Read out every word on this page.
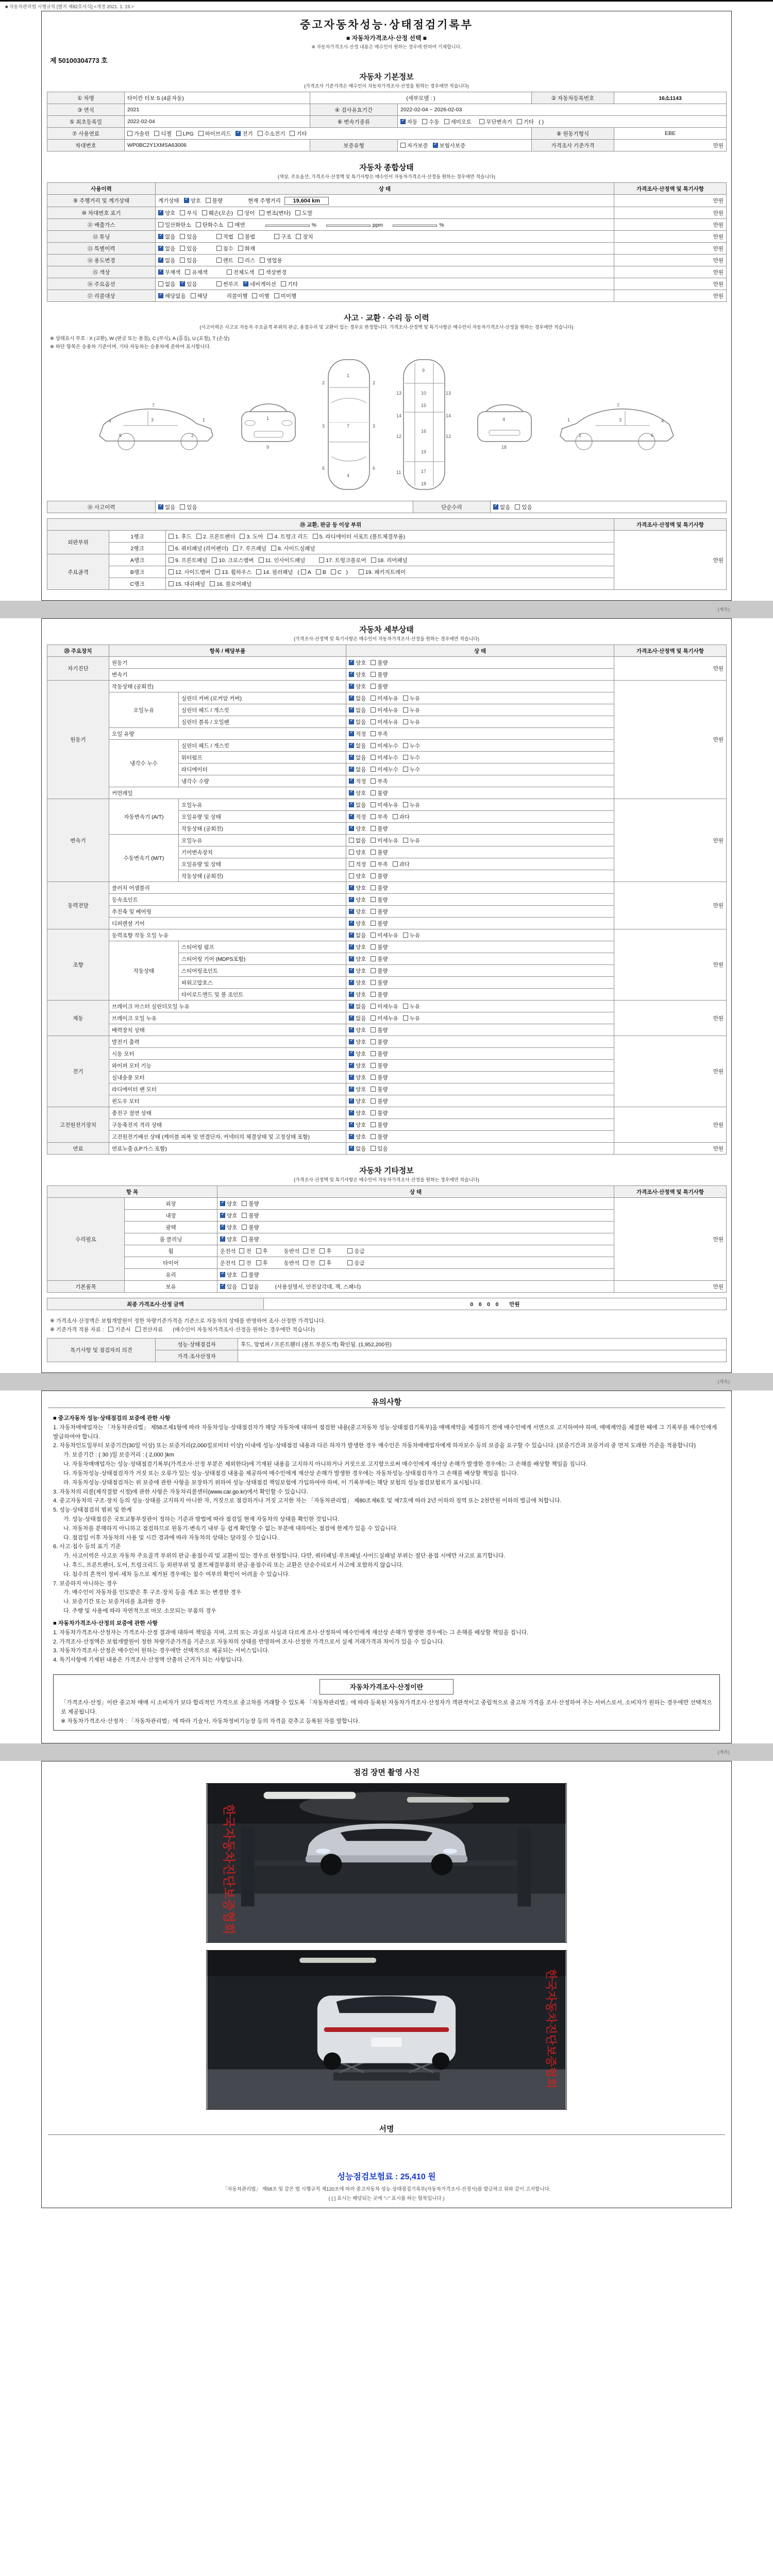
■ 자동차관리법 시행규칙 [별지 제82호서식] <개정 2021. 1. 19.>
중고자동차성능·상태점검기록부
■ 자동차가격조사·산정 선택 ■
※ 자동차가격조사·산정 내용은 매수인이 원하는 경우에 한하여 기재합니다.
제 50100304773 호
자동차 기본정보
(가격조사 기준가격은 매수인이 자동차가격조사·산정을 원하는 경우에만 적습니다)
① 차명	타이칸 터보 S (4륜자동)	(세부모델 : )		② 자동차등록번호	16소1143
③ 연식	2021	④ 검사유효기간	2022-02-04 ~ 2026-02-03		
⑤ 최초등록일	2022-02-04	⑥ 변속기종류	✓자동 수동 세미오토 무단변속기 기타 ( )
⑦ 사용연료	가솔린 디젤 LPG 하이브리드 ✓ 전기 수소전기 기타			⑧ 원동기형식	EBE
차대번호	WP0BC2Y1XMSA63006	보증유형	자가보증 ✓ 보험사보증	가격조사 기준가격	만원
자동차 종합상태
(색상, 주요옵션, 가격조사·산정액 및 특기사항은 매수인이 자동차가격조사·산정을 원하는 경우에만 적습니다)
사용이력	상 태	가격조사·산정액 및 특기사항
⑨ 주행거리 및 계기상태	계기상태 ✓ 양호 불량 현재 주행거리 19,604 km	만원
⑩ 차대번호 표기	✓양호 부식 훼손(오손) 상이 변조(변타) 도말	만원
⑪ 배출가스	일산화탄소 탄화수소 매연 % ppm %	만원
⑫ 튜닝	✓없음 있음 적법 불법 구조 장치	만원
⑬ 특별이력	✓없음 있음 침수 화재	만원
⑭ 용도변경	✓없음 있음 렌트 리스 영업용	만원
⑮ 색상	✓무채색 유채색 전체도색 색상변경	만원
⑯ 주요옵션	없음 ✓ 있음 썬루프 ✓ 네비게이션 기타	만원
⑰ 리콜대상	✓해당없음 해당 리콜이행 이행 미이행	만원
사고 · 교환 · 수리 등 이력
(사고이력은 사고로 자동차 주요골격 부위의 판금, 용접수리 및 교환이 있는 경우로 한정합니다. 가격조사·산정액 및 특기사항은 매수인이 자동차가격조사·산정을 원하는 경우에만 적습니다)
※ 상태표시 부호 : X (교환), W (판금 또는 용접), C (부식), A (흠집), U (요철), T (손상)
※ 하단 항목은 승용차 기준이며, 기타 자동차는 승용차에 준하여 표시합니다.
1
3
4
7
2
6
1
9
1
7
4
2	2
3	3
6	6
9
10
15
16
17
18
13	13
12	12
14	14
19
11
4
18
1	3	4
7
2	6
⑱ 사고이력	✓없음 있음	단순수리	✓없음 있음
⑲ 교환, 판금 등 이상 부위			가격조사·산정액 및 특기사항
외판부위	1랭크	1. 후드 2. 프론트펜더 3. 도어 4. 트렁크 리드 5. 라디에이터 서포트 (볼트체결부품)	만원
	2랭크	6. 쿼터패널 (리어펜더) 7. 루프패널 8. 사이드실패널	
주요골격	A랭크	9. 프론트패널 10. 크로스멤버 11. 인사이드패널 17. 트렁크플로어 18. 리어패널	
	B랭크	12. 사이드멤버 13. 휠하우스 14. 필러패널 ( A B C ) 19. 패키지트레이	
	C랭크	15. 대쉬패널 16. 플로어패널	
(계속)
자동차 세부상태
(가격조사·산정액 및 특기사항은 매수인이 자동차가격조사·산정을 원하는 경우에만 적습니다)
⑳ 주요장치	항목 / 해당부품		상 태	가격조사·산정액 및 특기사항
자기진단	원동기	✓양호 불량	만원
	변속기	✓양호 불량
원동기	작동상태 (공회전)	✓양호 불량	만원
	오일누유	실린더 커버 (로커암 커버)	✓없음 미세누유 누유
		실린더 헤드 / 개스킷	✓없음 미세누유 누유
		실린더 블록 / 오일팬	✓없음 미세누유 누유
	오일 유량	✓적정 부족
	냉각수 누수	실린더 헤드 / 개스킷	✓없음 미세누수 누수
		워터펌프	✓없음 미세누수 누수
		라디에이터	✓없음 미세누수 누수
		냉각수 수량	✓적정 부족
	커먼레일	✓양호 불량
변속기	자동변속기 (A/T)	오일누유	✓없음 미세누유 누유	만원
		오일유량 및 상태	✓적정 부족 과다
		작동상태 (공회전)	✓양호 불량
	수동변속기 (M/T)	오일누유	없음 미세누유 누유	
		기어변속장치	양호 불량	
		오일유량 및 상태	적정 부족 과다	
		작동상태 (공회전)	양호 불량	
동력전달	클러치 어셈블리	✓양호 불량	만원
	등속조인트	✓양호 불량
	추진축 및 베어링	✓양호 불량
	디퍼렌셜 기어	✓양호 불량
조향	동력조향 작동 오일 누유	✓없음 미세누유 누유	만원
	작동상태	스티어링 펌프	✓양호 불량
		스티어링 기어 (MDPS포함)	✓양호 불량
		스티어링조인트	✓양호 불량
		파워고압호스	✓양호 불량
		타이로드엔드 및 볼 조인트	✓양호 불량
제동	브레이크 마스터 실린더오일 누유	✓없음 미세누유 누유	만원
	브레이크 오일 누유	✓없음 미세누유 누유
	배력장치 상태	✓양호 불량
전기	발전기 출력	✓양호 불량	만원
	시동 모터	✓양호 불량
	와이퍼 모터 기능	✓양호 불량
	실내송풍 모터	✓양호 불량
	라디에이터 팬 모터	✓양호 불량
	윈도우 모터	✓양호 불량
고전원전기장치	충전구 절연 상태	✓양호 불량	만원
	구동축전지 격리 상태	✓양호 불량
	고전원전기배선 상태 (케이블 피복 및 연결단자, 커넥터의 체결상태 및 고정상태 포함)	✓양호 불량
연료	연료누출 (LP가스 포함)	✓없음 있음	만원
자동차 기타정보
(가격조사·산정액 및 특기사항은 매수인이 자동차가격조사·산정을 원하는 경우에만 적습니다)
항 목		상 태	가격조사·산정액 및 특기사항
수리필요	외장	✓양호 불량	만원
	내장	✓양호 불량
	광택	✓양호 불량
	룸 클리닝	✓양호 불량
	휠	운전석 전 후 동반석 전 후 응급	
	타이어	운전석 전 후 동반석 전 후 응급	
	유리	✓양호 불량
기본품목	보유	✓있음 없음 (사용설명서, 안전삼각대, 잭, 스패너)	만원
최종 가격조사·산정 금액	0　0　0　0　　만원
※ 가격조사·산정액은 보험개발원이 정한 차량기준가격을 기준으로 자동차의 상태를 반영하여 조사·산정한 가격입니다.
※ 기준가격 적용 자료 : 기준서 전산자료 (매수인이 자동차가격조사·산정을 원하는 경우에만 적습니다)
특기사항 및 점검자의 의견	성능·상태점검자	후드, 앞범퍼 / 프론트휀더 (볼트 부분도색) 확인됨. (1,952,200원)
	가격·조사산정자	
(계속)
유의사항
■ 중고자동차 성능·상태점검의 보증에 관한 사항
1. 자동차매매업자는 「자동차관리법」 제58조제1항에 따라 자동차성능·상태점검자가 해당 자동차에 대하여 점검한 내용(중고자동차 성능·상태점검기록부)을 매매계약을 체결하기 전에 매수인에게 서면으로 고지하여야 하며, 매매계약을 체결한 때에 그 기록부를 매수인에게 발급하여야 합니다.
2. 자동차인도일부터 보증기간(30일 이상) 또는 보증거리(2,000킬로미터 이상) 이내에 성능·상태점검 내용과 다른 하자가 발생한 경우 매수인은 자동차매매업자에게 하자보수 등의 보증을 요구할 수 있습니다. (보증기간과 보증거리 중 먼저 도래한 기준을 적용합니다)
가. 보증기간 : ( 30 )일 보증거리 : ( 2,000 )km
나. 자동차매매업자는 성능·상태점검기록부(가격조사·산정 부분은 제외한다)에 기재된 내용을 고지하지 아니하거나 거짓으로 고지함으로써 매수인에게 재산상 손해가 발생한 경우에는 그 손해를 배상할 책임을 집니다.
다. 자동차성능·상태점검자가 거짓 또는 오류가 있는 성능·상태점검 내용을 제공하여 매수인에게 재산상 손해가 발생한 경우에는 자동차성능·상태점검자가 그 손해를 배상할 책임을 집니다.
라. 자동차성능·상태점검자는 위 보증에 관한 사항을 보장하기 위하여 성능·상태점검 책임보험에 가입하여야 하며, 이 기록부에는 해당 보험의 성능점검보험료가 표시됩니다.
3. 자동차의 리콜(제작결함 시정)에 관한 사항은 자동차리콜센터(www.car.go.kr)에서 확인할 수 있습니다.
4. 중고자동차의 구조·장치 등의 성능·상태를 고지하지 아니한 자, 거짓으로 점검하거나 거짓 고지한 자는 「자동차관리법」 제80조제6호 및 제7호에 따라 2년 이하의 징역 또는 2천만원 이하의 벌금에 처합니다.
5. 성능·상태점검의 범위 및 한계
가. 성능·상태점검은 국토교통부장관이 정하는 기준과 방법에 따라 점검일 현재 자동차의 상태를 확인한 것입니다.
나. 자동차를 분해하지 아니하고 점검하므로 원동기·변속기 내부 등 쉽게 확인할 수 없는 부분에 대하여는 점검에 한계가 있을 수 있습니다.
다. 점검일 이후 자동차의 사용 및 시간 경과에 따라 자동차의 상태는 달라질 수 있습니다.
6. 사고·침수 등의 표기 기준
가. 사고이력은 사고로 자동차 주요골격 부위의 판금·용접수리 및 교환이 있는 경우로 한정합니다. 다만, 쿼터패널·루프패널·사이드실패널 부위는 절단·용접 시에만 사고로 표기합니다.
나. 후드, 프론트펜더, 도어, 트렁크리드 등 외판부위 및 볼트체결부품의 판금·용접수리 또는 교환은 단순수리로서 사고에 포함하지 않습니다.
다. 침수의 흔적이 정비·세차 등으로 제거된 경우에는 침수 여부의 확인이 어려울 수 있습니다.
7. 보증하지 아니하는 경우
가. 매수인이 자동차를 인도받은 후 구조·장치 등을 개조 또는 변경한 경우
나. 보증기간 또는 보증거리를 초과한 경우
다. 주행 및 사용에 따라 자연적으로 마모·소모되는 부품의 경우
■ 자동차가격조사·산정의 보증에 관한 사항
1. 자동차가격조사·산정자는 가격조사·산정 결과에 대하여 책임을 지며, 고의 또는 과실로 사실과 다르게 조사·산정하여 매수인에게 재산상 손해가 발생한 경우에는 그 손해를 배상할 책임을 집니다.
2. 가격조사·산정액은 보험개발원이 정한 차량기준가격을 기준으로 자동차의 상태를 반영하여 조사·산정한 가격으로서 실제 거래가격과 차이가 있을 수 있습니다.
3. 자동차가격조사·산정은 매수인이 원하는 경우에만 선택적으로 제공되는 서비스입니다.
4. 특기사항에 기재된 내용은 가격조사·산정액 산출의 근거가 되는 사항입니다.
자동차가격조사·산정이란
「가격조사·산정」이란 중고차 매매 시 소비자가 보다 합리적인 가격으로 중고차를 거래할 수 있도록 「자동차관리법」에 따라 등록된 자동차가격조사·산정자가 객관적이고 중립적으로 중고차 가격을 조사·산정하여 주는 서비스로서, 소비자가 원하는 경우에만 선택적으로 제공됩니다.
※ 자동차가격조사·산정자 : 「자동차관리법」에 따라 기술사, 자동차정비기능장 등의 자격을 갖추고 등록된 자를 말합니다.
(계속)
점검 장면 촬영 사진
한국자동차진단보증협회
한국자동차진단보증협회
서명
성능점검보험료 : 25,410 원
「자동차관리법」 제58조 및 같은 법 시행규칙 제120조에 따라 중고자동차 성능·상태점검기록부(자동차가격조사·산정서)를 발급하고 위와 같이 고지합니다.
( [ ] 표시는 해당되는 곳에 "○" 표시를 하는 항목입니다 )
